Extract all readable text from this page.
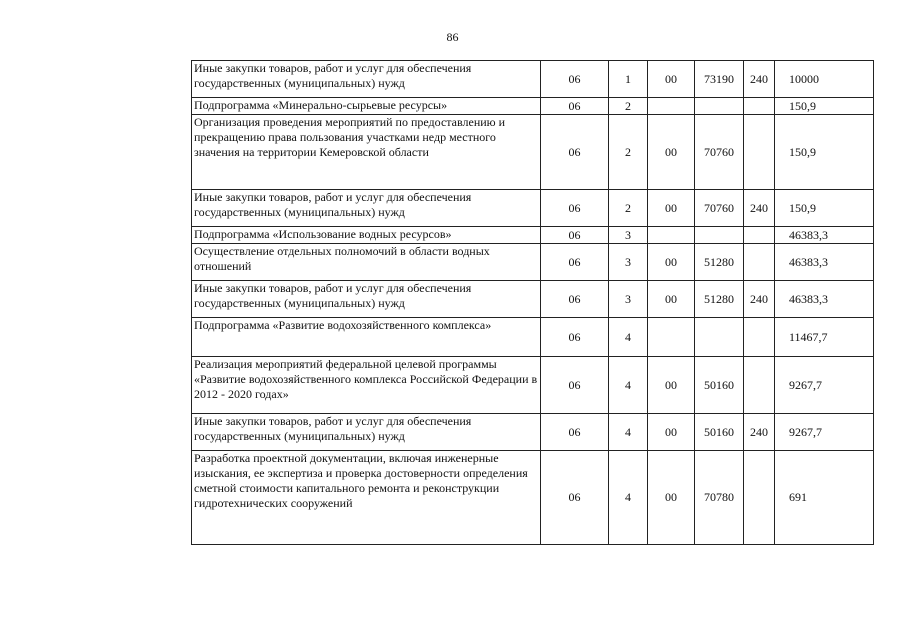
86
Иные закупки товаров, работ и услуг для обеспечения государственных (муниципальных) нужд	06	1	00	73190	240	10000
Подпрограмма «Минерально-сырьевые ресурсы»	06	2				150,9
Организация проведения мероприятий по предоставлению и прекращению права пользования участками недр местного значения на территории Кемеровской области	06	2	00	70760		150,9
Иные закупки товаров, работ и услуг для обеспечения государственных (муниципальных) нужд	06	2	00	70760	240	150,9
Подпрограмма «Использование водных ресурсов»	06	3				46383,3
Осуществление отдельных полномочий в области водных отношений	06	3	00	51280		46383,3
Иные закупки товаров, работ и услуг для обеспечения государственных (муниципальных) нужд	06	3	00	51280	240	46383,3
Подпрограмма «Развитие водохозяйственного комплекса»	06	4				11467,7
Реализация мероприятий федеральной целевой программы «Развитие водохозяйственного комплекса Российской Федерации в 2012 - 2020 годах»	06	4	00	50160		9267,7
Иные закупки товаров, работ и услуг для обеспечения государственных (муниципальных) нужд	06	4	00	50160	240	9267,7
Разработка проектной документации, включая инженерные изыскания, ее экспертиза и проверка достоверности определения сметной стоимости капитального ремонта и реконструкции гидротехнических сооружений	06	4	00	70780		691
